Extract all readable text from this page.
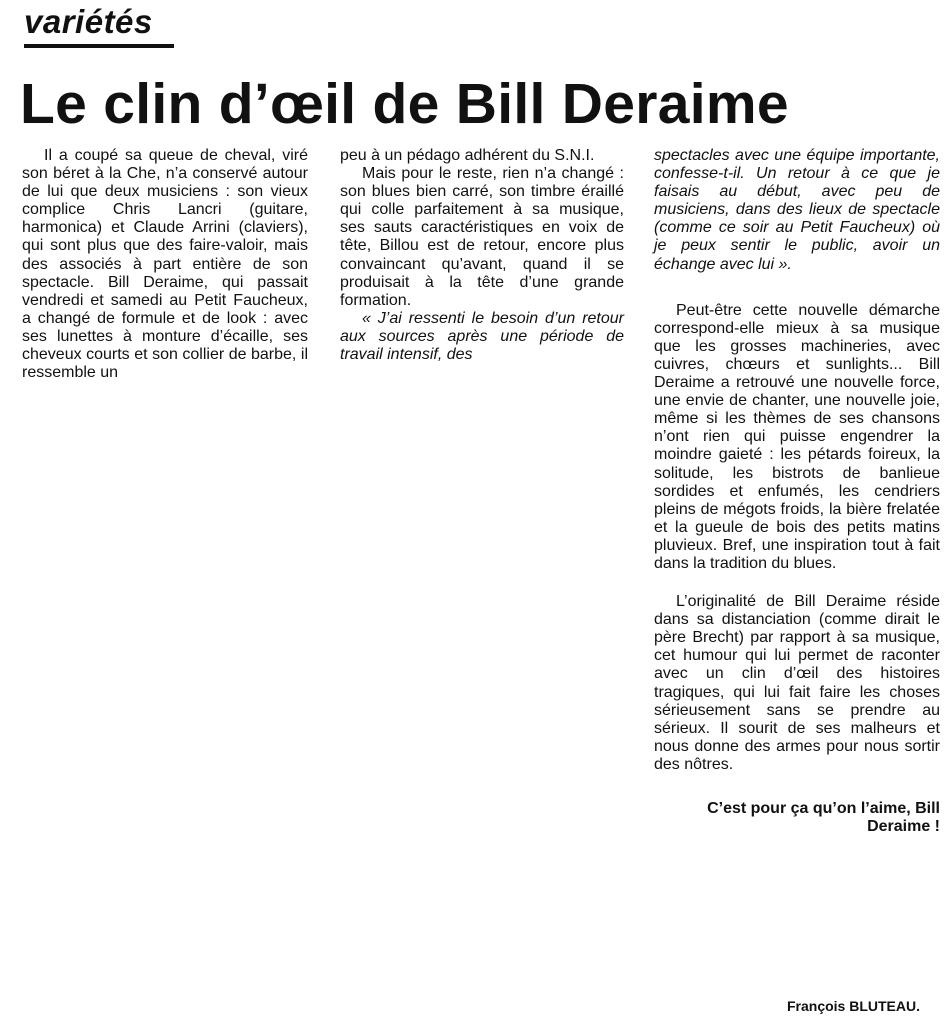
variétés
Le clin d’œil de Bill Deraime

Il a coupé sa queue de cheval, viré son béret à la Che, n’a conservé autour de lui que deux musiciens : son vieux complice Chris Lancri (guitare, harmonica) et Claude Arrini (claviers), qui sont plus que des faire-valoir, mais des associés à part entière de son spectacle. Bill Deraime, qui passait vendredi et samedi au Petit Faucheux, a changé de formule et de look : avec ses lunettes à monture d’écaille, ses cheveux courts et son collier de barbe, il ressemble un

peu à un pédago adhérent du S.N.I.

Mais pour le reste, rien n’a changé : son blues bien carré, son timbre éraillé qui colle parfaitement à sa musique, ses sauts caractéristiques en voix de tête, Billou est de retour, encore plus convaincant qu’avant, quand il se produisait à la tête d’une grande formation.

« J’ai ressenti le besoin d’un retour aux sources après une période de travail intensif, des

spectacles avec une équipe importante, confesse-t-il. Un retour à ce que je faisais au début, avec peu de musiciens, dans des lieux de spectacle (comme ce soir au Petit Faucheux) où je peux sentir le public, avoir un échange avec lui ».

Peut-être cette nouvelle démarche correspond-elle mieux à sa musique que les grosses machineries, avec cuivres, chœurs et sunlights... Bill Deraime a retrouvé une nouvelle force, une envie de chanter, une nouvelle joie, même si les thèmes de ses chansons n’ont rien qui puisse engendrer la moindre gaieté : les pétards foireux, la solitude, les bistrots de banlieue sordides et enfumés, les cendriers pleins de mégots froids, la bière frelatée et la gueule de bois des petits matins pluvieux. Bref, une inspiration tout à fait dans la tradition du blues.

L’originalité de Bill Deraime réside dans sa distanciation (comme dirait le père Brecht) par rapport à sa musique, cet humour qui lui permet de raconter avec un clin d’œil des histoires tragiques, qui lui fait faire les choses sérieusement sans se prendre au sérieux. Il sourit de ses malheurs et nous donne des armes pour nous sortir des nôtres.

C’est pour ça qu’on l’aime, Bill Deraime !

François BLUTEAU.
